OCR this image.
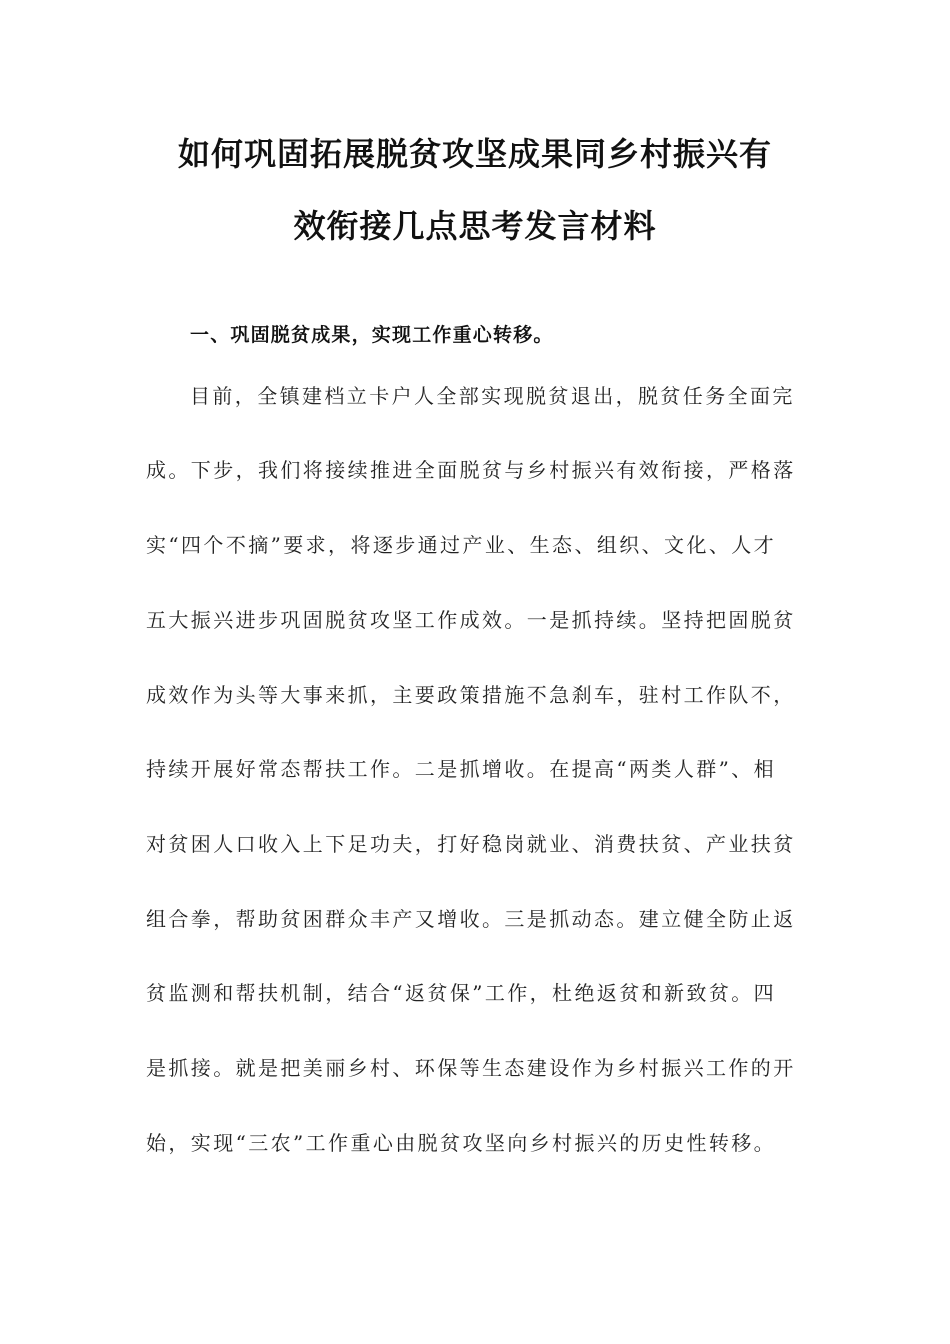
如何巩固拓展脱贫攻坚成果同乡村振兴有
效衔接几点思考发言材料
一、巩固脱贫成果，实现工作重心转移。
目前，全镇建档立卡户人全部实现脱贫退出，脱贫任务全面完
成。下步，我们将接续推进全面脱贫与乡村振兴有效衔接，严格落
实“四个不摘”要求，将逐步通过产业、生态、组织、文化、人才
五大振兴进步巩固脱贫攻坚工作成效。一是抓持续。坚持把固脱贫
成效作为头等大事来抓，主要政策措施不急刹车，驻村工作队不，
持续开展好常态帮扶工作。二是抓增收。在提高“两类人群”、相
对贫困人口收入上下足功夫，打好稳岗就业、消费扶贫、产业扶贫
组合拳，帮助贫困群众丰产又增收。三是抓动态。建立健全防止返
贫监测和帮扶机制，结合“返贫保”工作，杜绝返贫和新致贫。四
是抓接。就是把美丽乡村、环保等生态建设作为乡村振兴工作的开
始，实现“三农”工作重心由脱贫攻坚向乡村振兴的历史性转移。
